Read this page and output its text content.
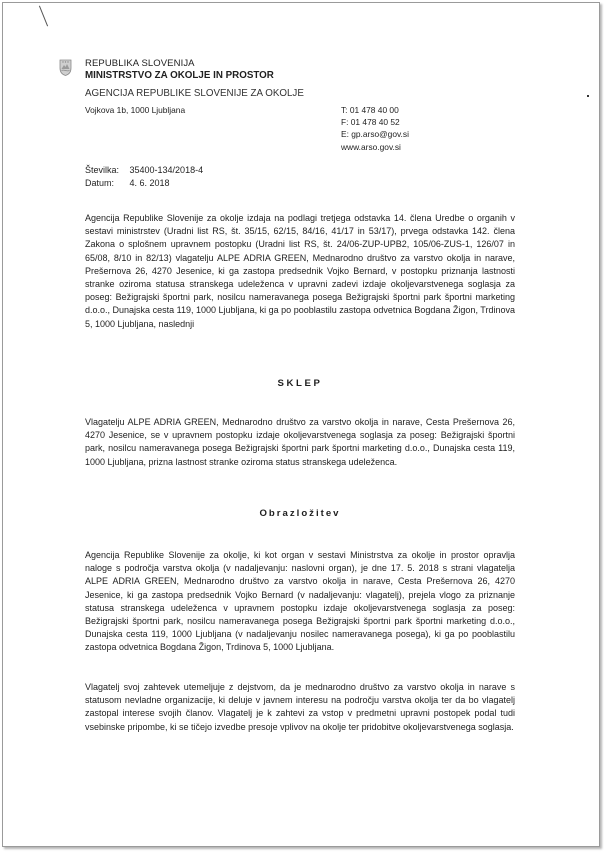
REPUBLIKA SLOVENIJA
MINISTRSTVO ZA OKOLJE IN PROSTOR
AGENCIJA REPUBLIKE SLOVENIJE ZA OKOLJE
Vojkova 1b, 1000 Ljubljana	T: 01 478 40 00
F: 01 478 40 52
E: gp.arso@gov.si
www.arso.gov.si
Številka: 35400-134/2018-4
Datum: 4. 6. 2018
Agencija Republike Slovenije za okolje izdaja na podlagi tretjega odstavka 14. člena Uredbe o organih v sestavi ministrstev (Uradni list RS, št. 35/15, 62/15, 84/16, 41/17 in 53/17), prvega odstavka 142. člena Zakona o splošnem upravnem postopku (Uradni list RS, št. 24/06-ZUP-UPB2, 105/06-ZUS-1, 126/07 in 65/08, 8/10 in 82/13) vlagatelju ALPE ADRIA GREEN, Mednarodno društvo za varstvo okolja in narave, Prešernova 26, 4270 Jesenice, ki ga zastopa predsednik Vojko Bernard, v postopku priznanja lastnosti stranke oziroma statusa stranskega udeleženca v upravni zadevi izdaje okoljevarstvenega soglasja za poseg: Bežigrajski športni park, nosilcu nameravanega posega Bežigrajski športni park športni marketing d.o.o., Dunajska cesta 119, 1000 Ljubljana, ki ga po pooblastilu zastopa odvetnica Bogdana Žigon, Trdinova 5, 1000 Ljubljana, naslednji
SKLEP
Vlagatelju ALPE ADRIA GREEN, Mednarodno društvo za varstvo okolja in narave, Cesta Prešernova 26, 4270 Jesenice, se v upravnem postopku izdaje okoljevarstvenega soglasja za poseg: Bežigrajski športni park, nosilcu nameravanega posega Bežigrajski športni park športni marketing d.o.o., Dunajska cesta 119, 1000 Ljubljana, prizna lastnost stranke oziroma status stranskega udeleženca.
Obrazložitev
Agencija Republike Slovenije za okolje, ki kot organ v sestavi Ministrstva za okolje in prostor opravlja naloge s področja varstva okolja (v nadaljevanju: naslovni organ), je dne 17. 5. 2018 s strani vlagatelja ALPE ADRIA GREEN, Mednarodno društvo za varstvo okolja in narave, Cesta Prešernova 26, 4270 Jesenice, ki ga zastopa predsednik Vojko Bernard (v nadaljevanju: vlagatelj), prejela vlogo za priznanje statusa stranskega udeleženca v upravnem postopku izdaje okoljevarstvenega soglasja za poseg: Bežigrajski športni park, nosilcu nameravanega posega Bežigrajski športni park športni marketing d.o.o., Dunajska cesta 119, 1000 Ljubljana (v nadaljevanju nosilec nameravanega posega), ki ga po pooblastilu zastopa odvetnica Bogdana Žigon, Trdinova 5, 1000 Ljubljana.
Vlagatelj svoj zahtevek utemeljuje z dejstvom, da je mednarodno društvo za varstvo okolja in narave s statusom nevladne organizacije, ki deluje v javnem interesu na področju varstva okolja ter da bo vlagatelj zastopal interese svojih članov. Vlagatelj je k zahtevi za vstop v predmetni upravni postopek podal tudi vsebinske pripombe, ki se tičejo izvedbe presoje vplivov na okolje ter pridobitve okoljevarstvenega soglasja.
